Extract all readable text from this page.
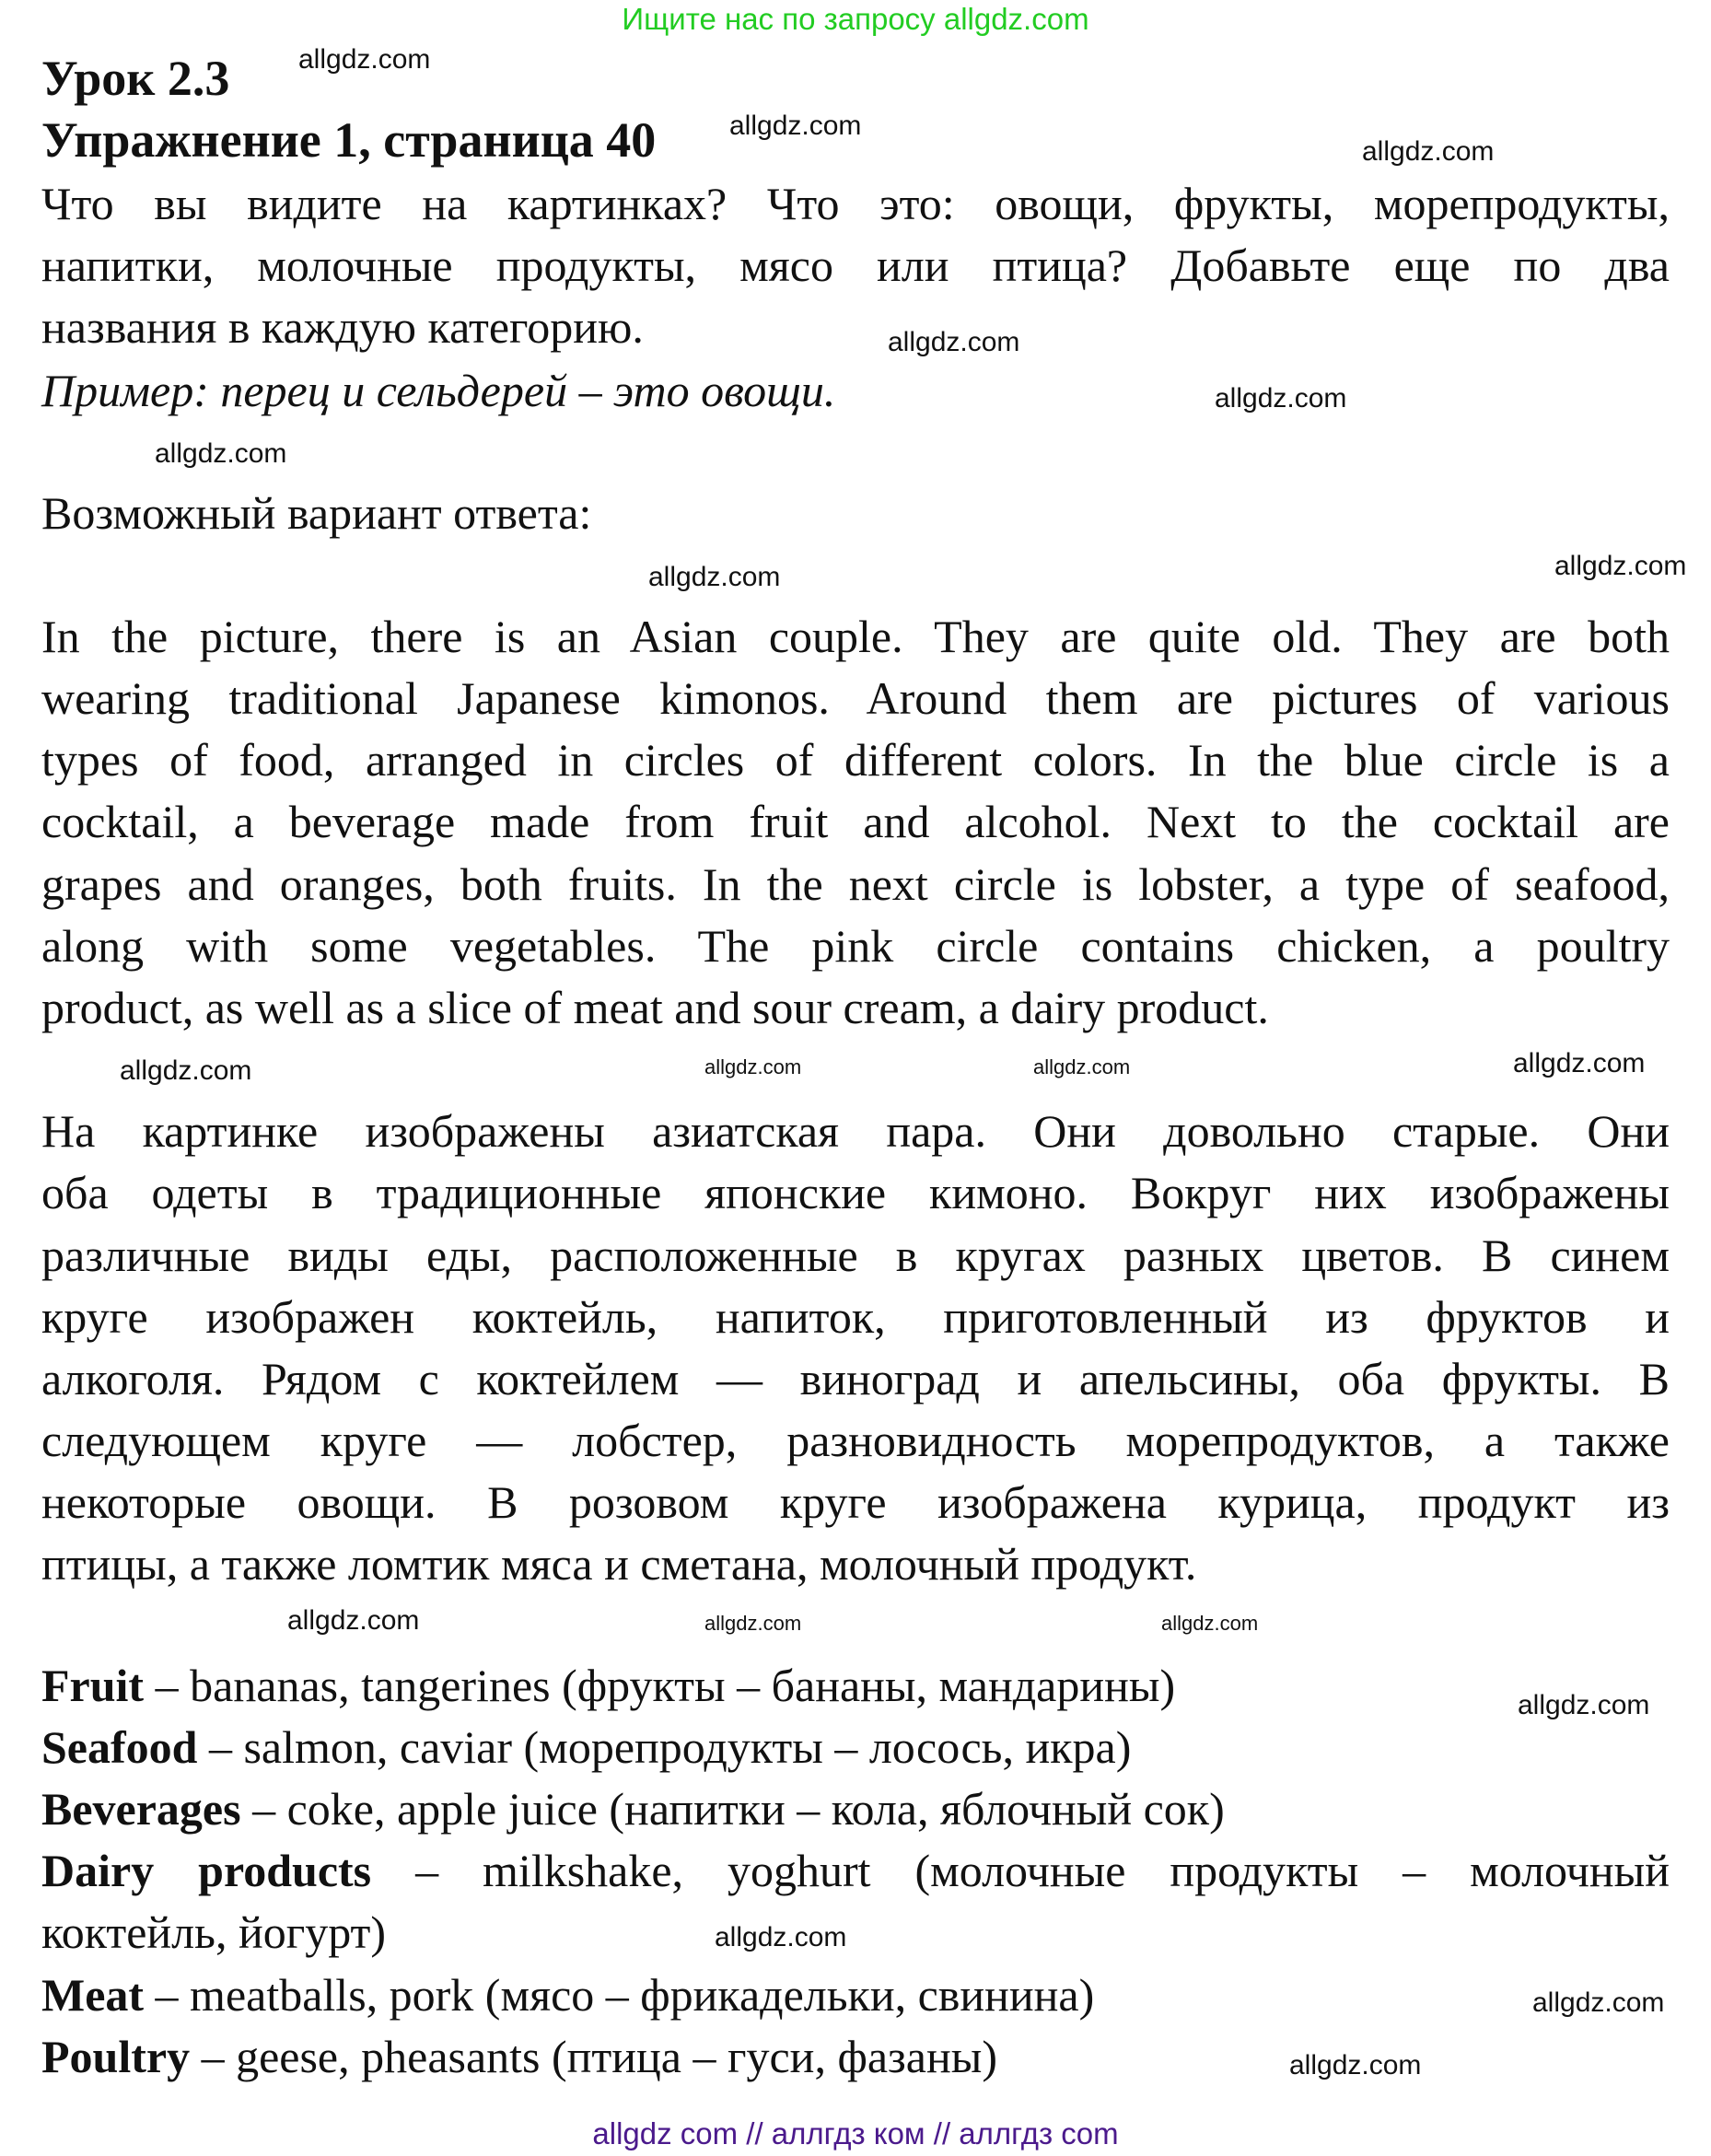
Ищите нас по запросу allgdz.com
Урок 2.3
Упражнение 1, страница 40
Что вы видите на картинках? Что это: овощи, фрукты, морепродукты,
напитки, молочные продукты, мясо или птица? Добавьте еще по два
названия в каждую категорию.
Пример: перец и сельдерей – это овощи.
Возможный вариант ответа:
In the picture, there is an Asian couple. They are quite old. They are both
wearing traditional Japanese kimonos. Around them are pictures of various
types of food, arranged in circles of different colors. In the blue circle is a
cocktail, a beverage made from fruit and alcohol. Next to the cocktail are
grapes and oranges, both fruits. In the next circle is lobster, a type of seafood,
along with some vegetables. The pink circle contains chicken, a poultry
product, as well as a slice of meat and sour cream, a dairy product.
На картинке изображены азиатская пара. Они довольно старые. Они
оба одеты в традиционные японские кимоно. Вокруг них изображены
различные виды еды, расположенные в кругах разных цветов. В синем
круге изображен коктейль, напиток, приготовленный из фруктов и
алкоголя. Рядом с коктейлем — виноград и апельсины, оба фрукты. В
следующем круге — лобстер, разновидность морепродуктов, а также
некоторые овощи. В розовом круге изображена курица, продукт из
птицы, а также ломтик мяса и сметана, молочный продукт.
Fruit – bananas, tangerines (фрукты – бананы, мандарины)
Seafood – salmon, caviar (морепродукты – лосось, икра)
Beverages – coke, apple juice (напитки – кола, яблочный сок)
Dairy products – milkshake, yoghurt (молочные продукты – молочный
коктейль, йогурт)
Meat – meatballs, pork (мясо – фрикадельки, свинина)
Poultry – geese, pheasants (птица – гуси, фазаны)
allgdz.com
allgdz.com
allgdz.com
allgdz.com
allgdz.com
allgdz.com
allgdz.com
allgdz.com
allgdz.com
allgdz.com	allgdz.com	allgdz.com
allgdz.com	allgdz.com
allgdz.com
allgdz.com
allgdz.com
allgdz.com
allgdz.com
allgdz com // аллгдз ком // аллгдз com
